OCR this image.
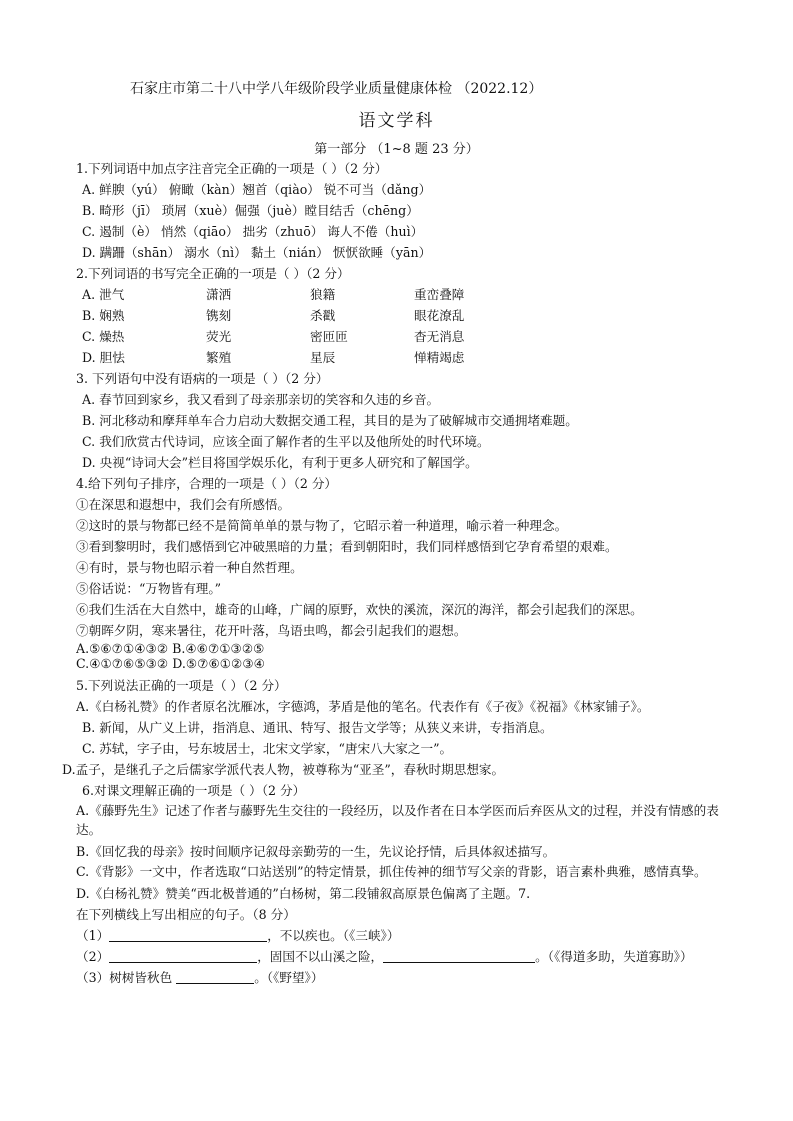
石家庄市第二十八中学八年级阶段学业质量健康体检 （2022.12）
语文学科
第一部分 （1~8 题 23 分）
1.下列词语中加点字注音完全正确的一项是（ ）（2 分）
A. 鲜腴（yú） 俯瞰（kàn）翘首（qiào） 锐不可当（dǎng）
B. 畸形（jī） 琐屑（xuè）倔强（juè）瞠目结舌（chēng）
C. 遏制（è） 悄然（qiāo） 拙劣（zhuō） 诲人不倦（huì）
D. 蹒跚（shān） 溺水（nì） 黏土（nián） 恹恹欲睡（yān）
2.下列词语的书写完全正确的一项是（ ）（2 分）
A. 泄气	潇洒	狼籍	重峦叠障
B. 娴熟	镌刻	杀戳	眼花潦乱
C. 燥热	荧光	密匝匝	杳无消息
D. 胆怯	繁殖	星辰	惮精竭虑
3. 下列语句中没有语病的一项是（ ）（2 分）
A. 春节回到家乡，我又看到了母亲那亲切的笑容和久违的乡音。
B. 河北移动和摩拜单车合力启动大数据交通工程，其目的是为了破解城市交通拥堵难题。
C. 我们欣赏古代诗词，应该全面了解作者的生平以及他所处的时代环境。
D. 央视“诗词大会”栏目将国学娱乐化，有利于更多人研究和了解国学。
4.给下列句子排序，合理的一项是（ ）（2 分）
①在深思和遐想中，我们会有所感悟。
②这时的景与物都已经不是简简单单的景与物了，它昭示着一种道理，喻示着一种理念。
③看到黎明时，我们感悟到它冲破黑暗的力量；看到朝阳时，我们同样感悟到它孕育希望的艰难。
④有时，景与物也昭示着一种自然哲理。
⑤俗话说：“万物皆有理。”
⑥我们生活在大自然中，雄奇的山峰，广阔的原野，欢快的溪流，深沉的海洋，都会引起我们的深思。
⑦朝晖夕阴，寒来暑往，花开叶落，鸟语虫鸣，都会引起我们的遐想。
A.⑤⑥⑦①④③② B.④⑥⑦①③②⑤
C.④①⑦⑥⑤③② D.⑤⑦⑥①②③④
5.下列说法正确的一项是（ ）（2 分）
A.《白杨礼赞》的作者原名沈雁冰，字德鸿，茅盾是他的笔名。代表作有《子夜》《祝福》《林家铺子》。
B. 新闻，从广义上讲，指消息、通讯、特写、报告文学等；从狭义来讲，专指消息。
C. 苏轼，字子由，号东坡居士，北宋文学家，“唐宋八大家之一”。
D.孟子，是继孔子之后儒家学派代表人物，被尊称为“亚圣”，春秋时期思想家。
6.对课文理解正确的一项是（ ）（2 分）
A.《藤野先生》记述了作者与藤野先生交往的一段经历，以及作者在日本学医而后弃医从文的过程，并没有情感的表达。
B.《回忆我的母亲》按时间顺序记叙母亲勤劳的一生，先议论抒情，后具体叙述描写。
C.《背影》一文中，作者选取“口站送别”的特定情景，抓住传神的细节写父亲的背影，语言素朴典雅，感情真挚。
D.《白杨礼赞》赞美“西北极普通的”白杨树，第二段铺叙高原景色偏离了主题。7.
在下列横线上写出相应的句子。（8 分）
（1）	，不以疾也。（《三峡》）
（2）	，固国不以山溪之险，	。（《得道多助，失道寡助》）
（3）树树皆秋色	。（《野望》）
